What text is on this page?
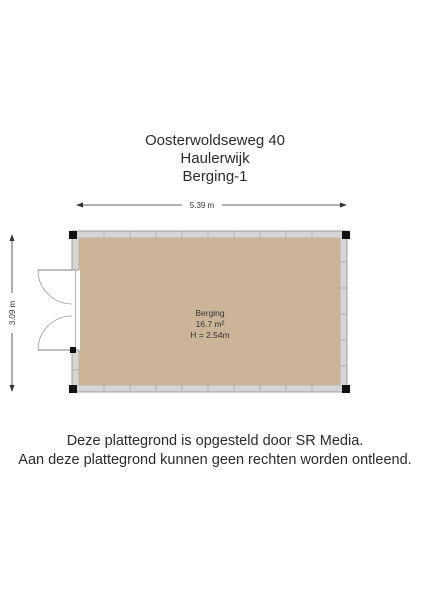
Oosterwoldseweg 40
Haulerwijk
Berging-1
5.39 m
3.09 m	Berging
16.7 m²
H = 2.54m
Deze plattegrond is opgesteld door SR Media.
Aan deze plattegrond kunnen geen rechten worden ontleend.
